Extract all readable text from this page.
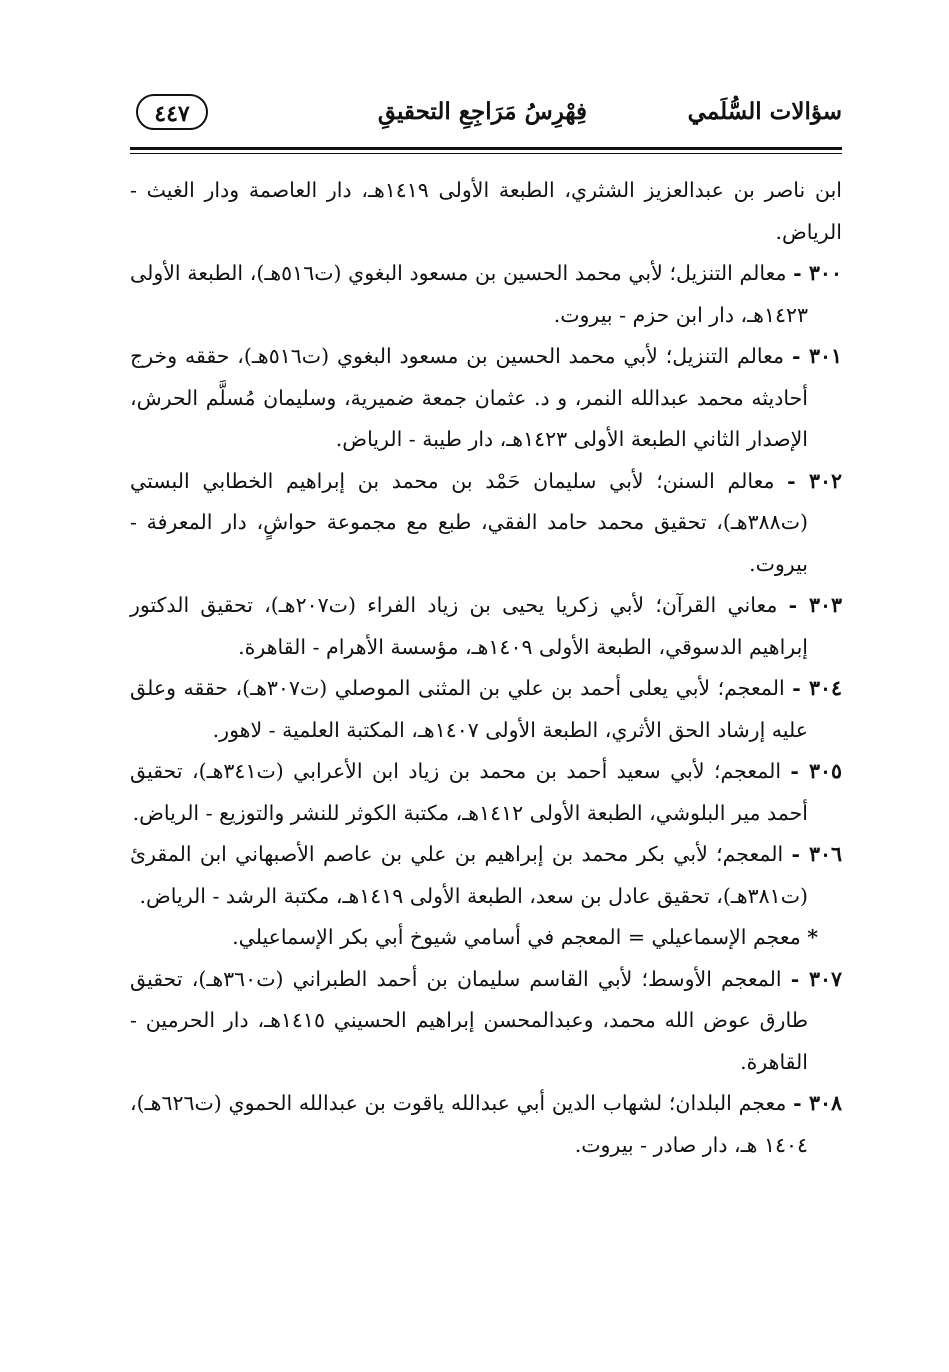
سؤالات السُّلَمي
فِهْرِسُ مَرَاجِعِ التحقيقِ
٤٤٧

ابن ناصر بن عبدالعزيز الشثري، الطبعة الأولى ١٤١٩هـ، دار العاصمة ودار الغيث - الرياض.

٣٠٠ - معالم التنزيل؛ لأبي محمد الحسين بن مسعود البغوي (ت٥١٦هـ)، الطبعة الأولى ١٤٢٣هـ، دار ابن حزم - بيروت.

٣٠١ - معالم التنزيل؛ لأبي محمد الحسين بن مسعود البغوي (ت٥١٦هـ)، حققه وخرج أحاديثه محمد عبدالله النمر، و د. عثمان جمعة ضميرية، وسليمان مُسلَّم الحرش، الإصدار الثاني الطبعة الأولى ١٤٢٣هـ، دار طيبة - الرياض.

٣٠٢ - معالم السنن؛ لأبي سليمان حَمْد بن محمد بن إبراهيم الخطابي البستي (ت٣٨٨هـ)، تحقيق محمد حامد الفقي، طبع مع مجموعة حواشٍ، دار المعرفة - بيروت.

٣٠٣ - معاني القرآن؛ لأبي زكريا يحيى بن زياد الفراء (ت٢٠٧هـ)، تحقيق الدكتور إبراهيم الدسوقي، الطبعة الأولى ١٤٠٩هـ، مؤسسة الأهرام - القاهرة.

٣٠٤ - المعجم؛ لأبي يعلى أحمد بن علي بن المثنى الموصلي (ت٣٠٧هـ)، حققه وعلق عليه إرشاد الحق الأثري، الطبعة الأولى ١٤٠٧هـ، المكتبة العلمية - لاهور.

٣٠٥ - المعجم؛ لأبي سعيد أحمد بن محمد بن زياد ابن الأعرابي (ت٣٤١هـ)، تحقيق أحمد مير البلوشي، الطبعة الأولى ١٤١٢هـ، مكتبة الكوثر للنشر والتوزيع - الرياض.

٣٠٦ - المعجم؛ لأبي بكر محمد بن إبراهيم بن علي بن عاصم الأصبهاني ابن المقرئ (ت٣٨١هـ)، تحقيق عادل بن سعد، الطبعة الأولى ١٤١٩هـ، مكتبة الرشد - الرياض.

* معجم الإسماعيلي = المعجم في أسامي شيوخ أبي بكر الإسماعيلي.

٣٠٧ - المعجم الأوسط؛ لأبي القاسم سليمان بن أحمد الطبراني (ت٣٦٠هـ)، تحقيق طارق عوض الله محمد، وعبدالمحسن إبراهيم الحسيني ١٤١٥هـ، دار الحرمين - القاهرة.

٣٠٨ - معجم البلدان؛ لشهاب الدين أبي عبدالله ياقوت بن عبدالله الحموي (ت٦٢٦هـ)، ١٤٠٤ هـ، دار صادر - بيروت.
